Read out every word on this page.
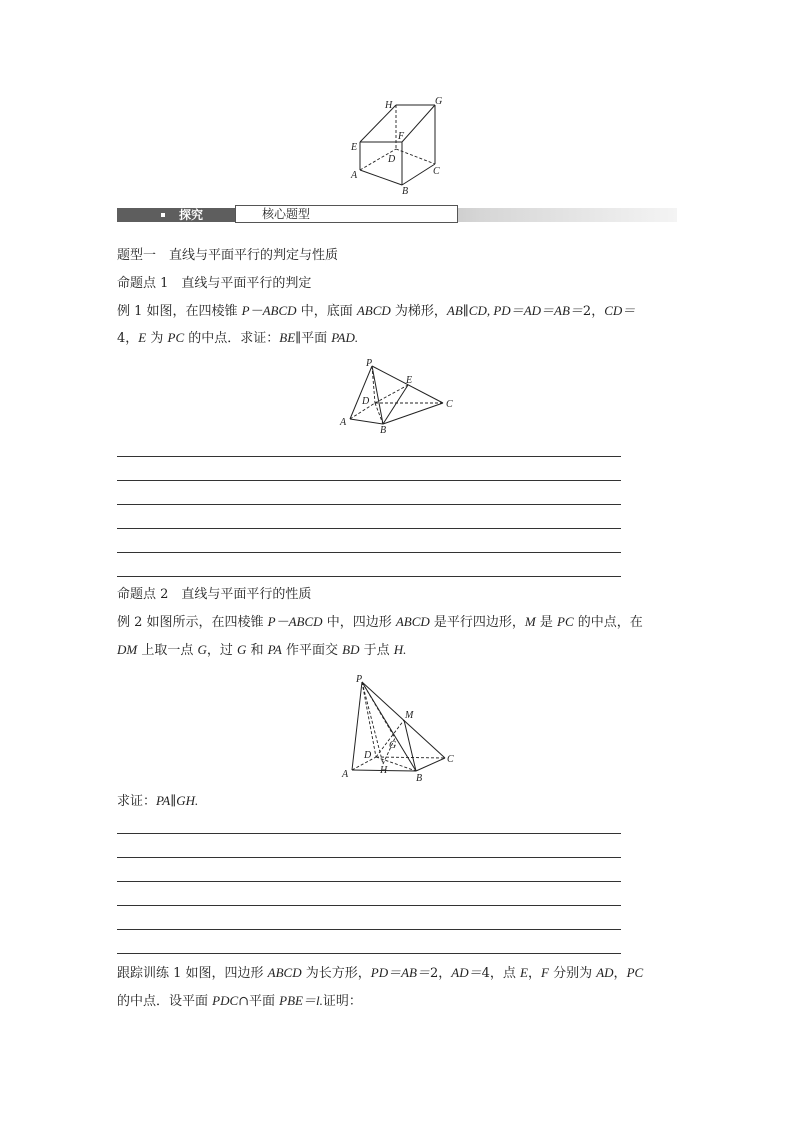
H	G
E
F
D
C
A
B
探究	核心题型
题型一　直线与平面平行的判定与性质
命题点 1　直线与平面平行的判定
例 1 如图，在四棱锥 P－ABCD 中，底面 ABCD 为梯形，AB∥CD, PD＝AD＝AB＝2，CD＝
4，E 为 PC 的中点．求证：BE∥平面 PAD.
P
E
D	C
A
B
命题点 2　直线与平面平行的性质
例 2 如图所示，在四棱锥 P－ABCD 中，四边形 ABCD 是平行四边形，M 是 PC 的中点，在
DM 上取一点 G，过 G 和 PA 作平面交 BD 于点 H.
P
M
G
D	C
A	H
B
求证：PA∥GH.
跟踪训练 1 如图，四边形 ABCD 为长方形，PD＝AB＝2，AD＝4，点 E，F 分别为 AD，PC
的中点．设平面 PDC∩平面 PBE＝l.证明：
